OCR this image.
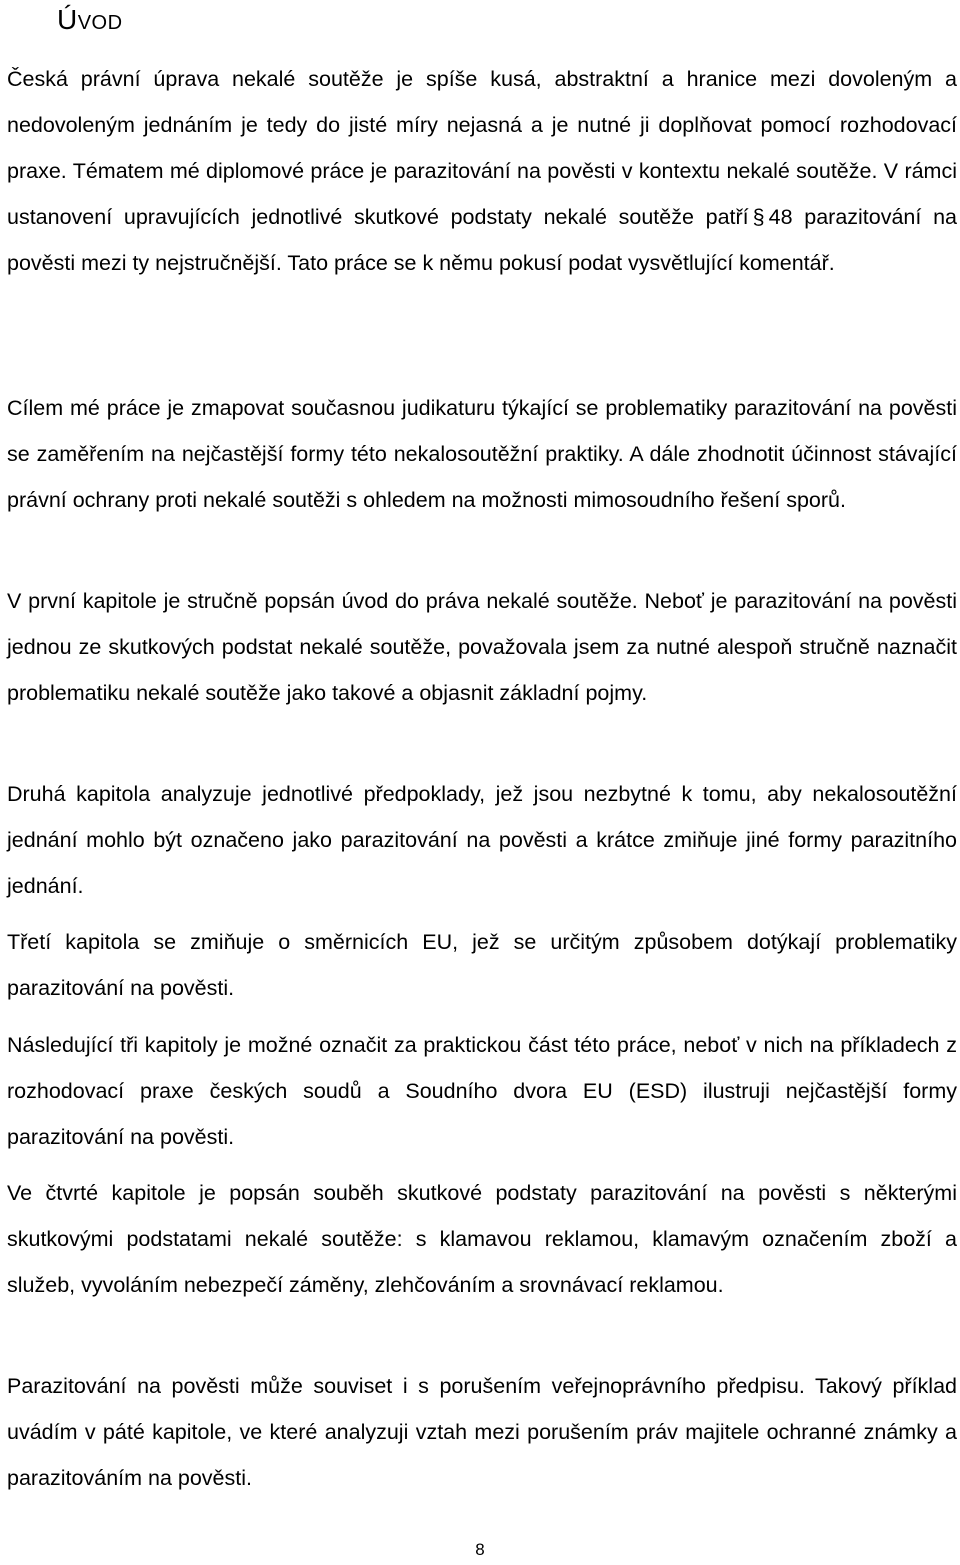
Úvod

Česká právní úprava nekalé soutěže je spíše kusá, abstraktní a hranice mezi dovoleným a nedovoleným jednáním je tedy do jisté míry nejasná a je nutné ji doplňovat pomocí rozhodovací praxe. Tématem mé diplomové práce je parazitování na pověsti v kontextu nekalé soutěže. V rámci ustanovení upravujících jednotlivé skutkové podstaty nekalé soutěže patří § 48 parazitování na pověsti mezi ty nejstručnější. Tato práce se k němu pokusí podat vysvětlující komentář.

Cílem mé práce je zmapovat současnou judikaturu týkající se problematiky parazitování na pověsti se zaměřením na nejčastější formy této nekalosoutěžní praktiky. A dále zhodnotit účinnost stávající právní ochrany proti nekalé soutěži s ohledem na možnosti mimosoudního řešení sporů.

V první kapitole je stručně popsán úvod do práva nekalé soutěže. Neboť je parazitování na pověsti jednou ze skutkových podstat nekalé soutěže, považovala jsem za nutné alespoň stručně naznačit problematiku nekalé soutěže jako takové a objasnit základní pojmy.

Druhá kapitola analyzuje jednotlivé předpoklady, jež jsou nezbytné k tomu, aby nekalosoutěžní jednání mohlo být označeno jako parazitování na pověsti a krátce zmiňuje jiné formy parazitního jednání.

Třetí kapitola se zmiňuje o směrnicích EU, jež se určitým způsobem dotýkají problematiky parazitování na pověsti.

Následující tři kapitoly je možné označit za praktickou část této práce, neboť v nich na příkladech z rozhodovací praxe českých soudů a Soudního dvora EU (ESD) ilustruji nejčastější formy parazitování na pověsti.

Ve čtvrté kapitole je popsán souběh skutkové podstaty parazitování na pověsti s některými skutkovými podstatami nekalé soutěže: s klamavou reklamou, klamavým označením zboží a služeb, vyvoláním nebezpečí záměny, zlehčováním a srovnávací reklamou.

Parazitování na pověsti může souviset i s porušením veřejnoprávního předpisu. Takový příklad uvádím v páté kapitole, ve které analyzuji vztah mezi porušením práv majitele ochranné známky a parazitováním na pověsti.

8
